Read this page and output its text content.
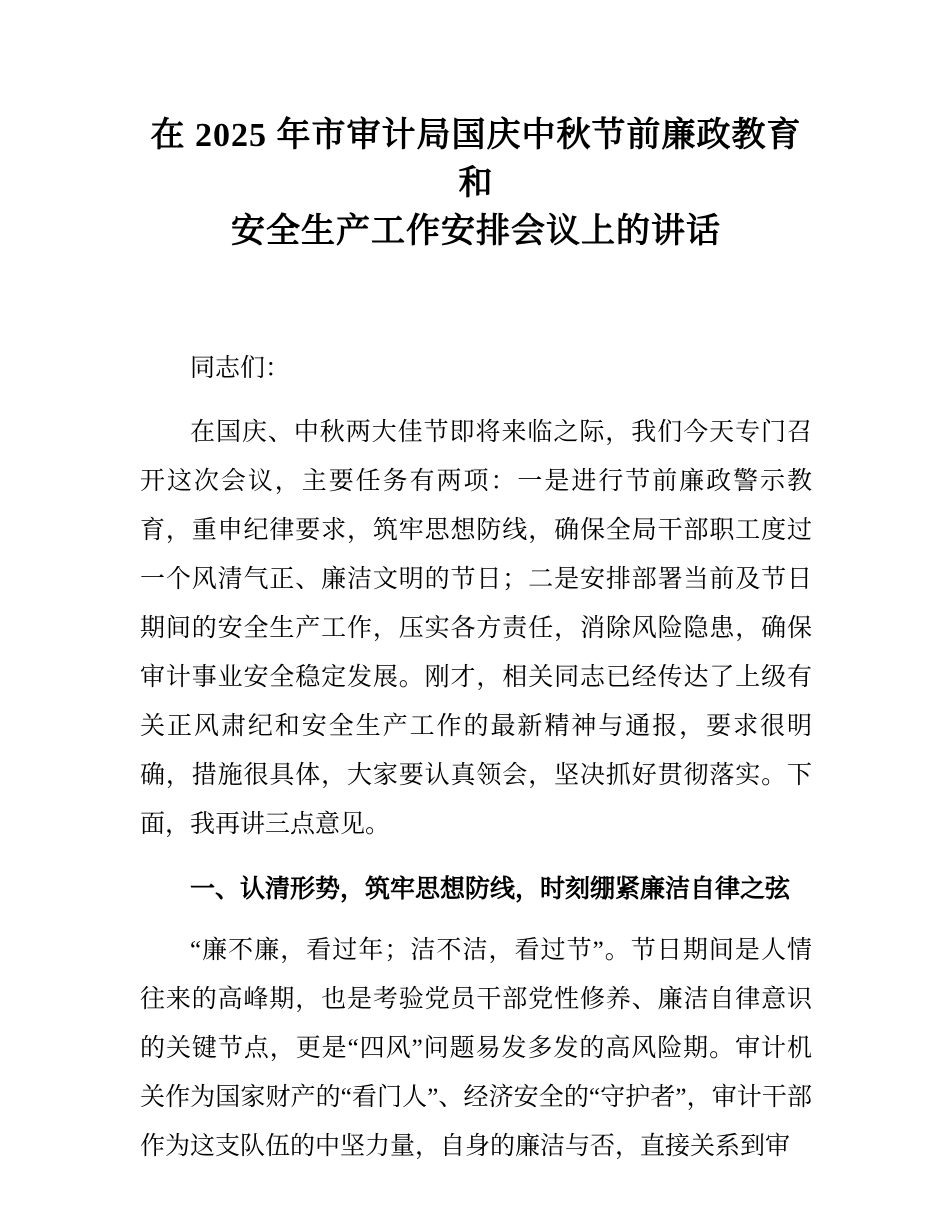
在 2025 年市审计局国庆中秋节前廉政教育和
安全生产工作安排会议上的讲话

同志们：

在国庆、中秋两大佳节即将来临之际，我们今天专门召开这次会议，主要任务有两项：一是进行节前廉政警示教育，重申纪律要求，筑牢思想防线，确保全局干部职工度过一个风清气正、廉洁文明的节日；二是安排部署当前及节日期间的安全生产工作，压实各方责任，消除风险隐患，确保审计事业安全稳定发展。刚才，相关同志已经传达了上级有关正风肃纪和安全生产工作的最新精神与通报，要求很明确，措施很具体，大家要认真领会，坚决抓好贯彻落实。下面，我再讲三点意见。

一、认清形势，筑牢思想防线，时刻绷紧廉洁自律之弦

“廉不廉，看过年；洁不洁，看过节”。节日期间是人情往来的高峰期，也是考验党员干部党性修养、廉洁自律意识的关键节点，更是“四风”问题易发多发的高风险期。审计机关作为国家财产的“看门人”、经济安全的“守护者”，审计干部作为这支队伍的中坚力量，自身的廉洁与否，直接关系到审
